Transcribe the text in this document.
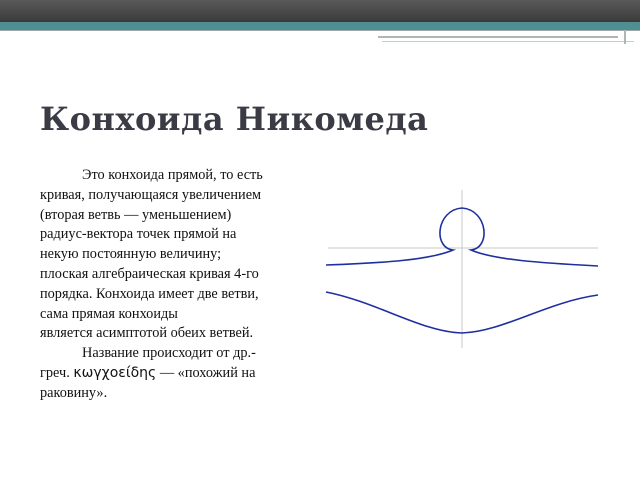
Конхоида Никомеда

Это конхоида прямой, то есть
кривая, получающаяся увеличением
(вторая ветвь — уменьшением)
радиус-вектора точек прямой на
некую постоянную величину;
плоская алгебраическая кривая 4-го
порядка. Конхоида имеет две ветви,
сама прямая конхоиды
является асимптотой обеих ветвей.

Название происходит от др.-
греч. κωγχοείδης — «похожий на
раковину».
